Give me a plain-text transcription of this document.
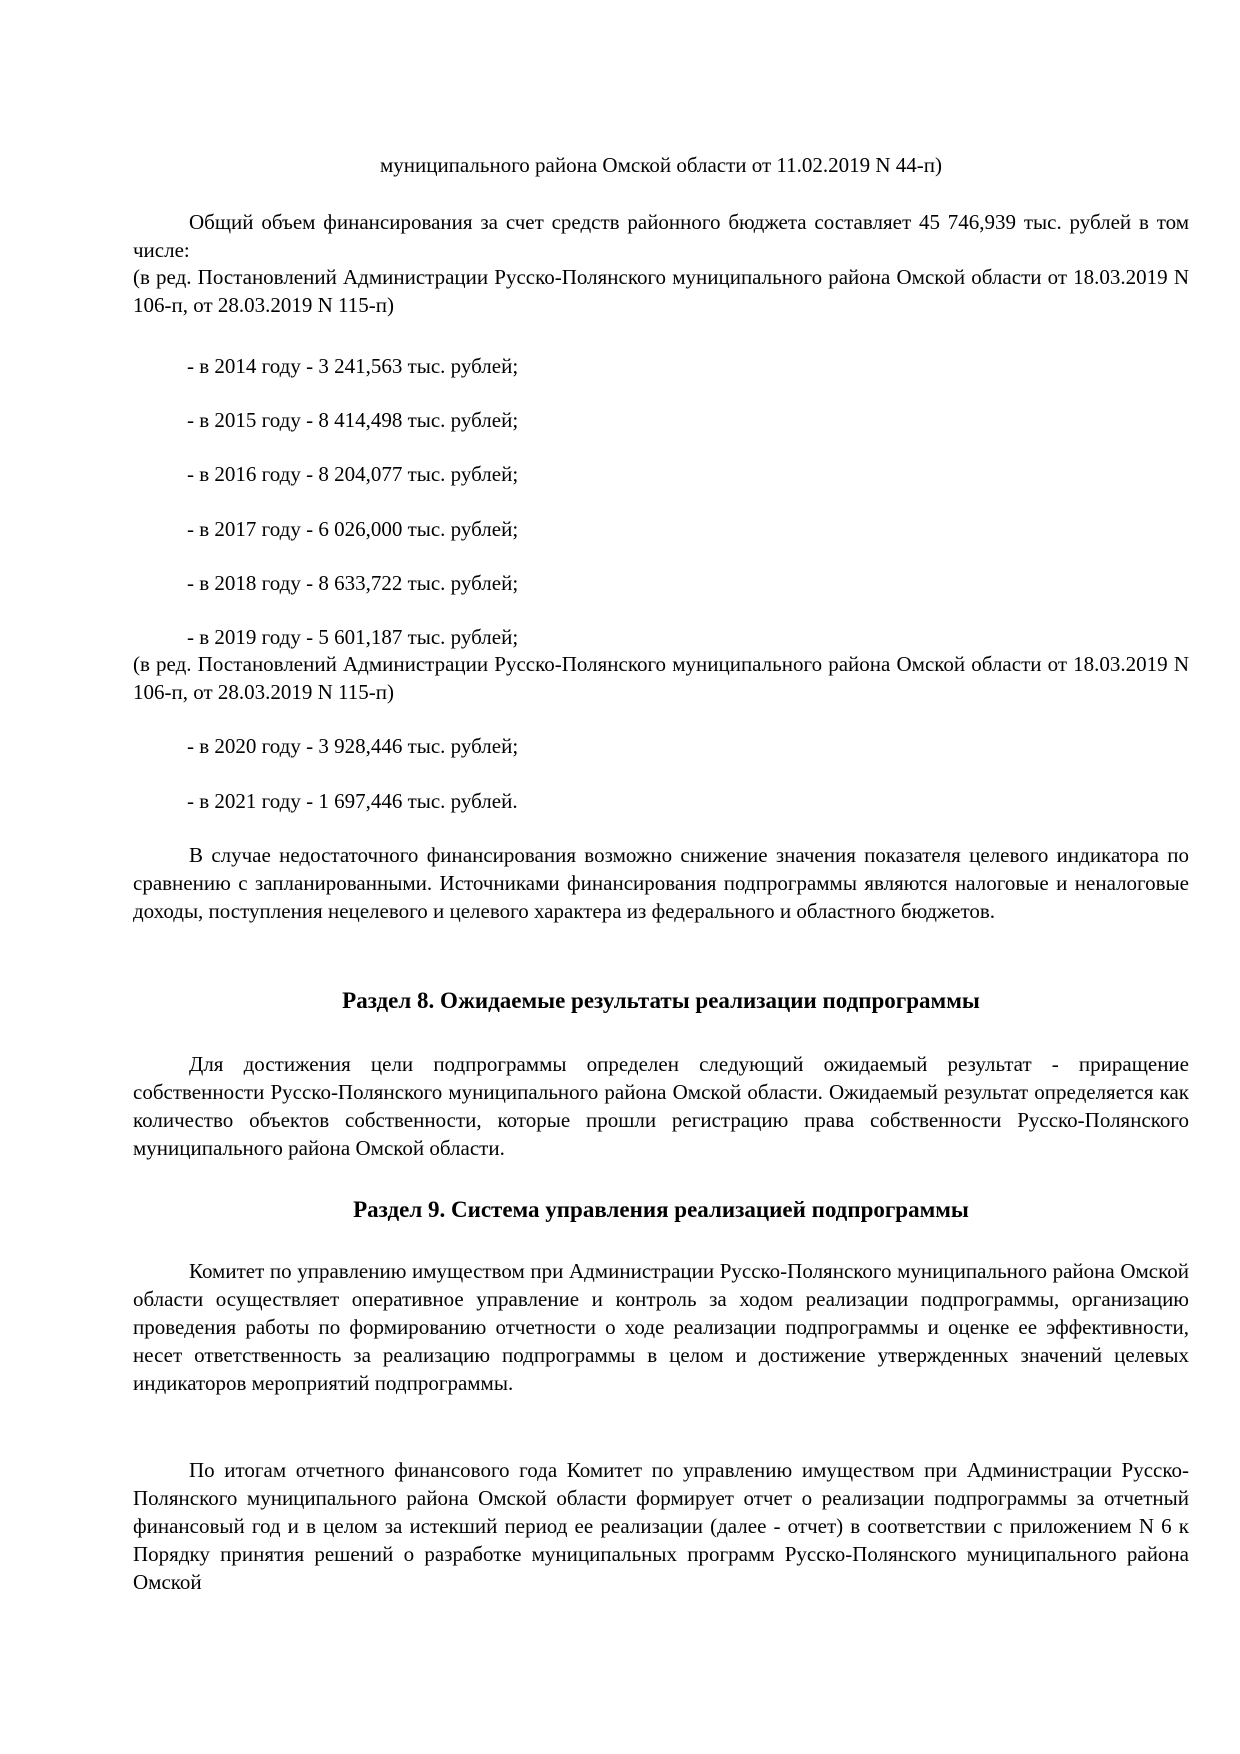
муниципального района Омской области от 11.02.2019 N 44-п)

Общий объем финансирования за счет средств районного бюджета составляет 45 746,939 тыс. рублей в том числе:

(в ред. Постановлений Администрации Русско-Полянского муниципального района Омской области от 18.03.2019 N 106-п, от 28.03.2019 N 115-п)

- в 2014 году - 3 241,563 тыс. рублей;

- в 2015 году - 8 414,498 тыс. рублей;

- в 2016 году - 8 204,077 тыс. рублей;

- в 2017 году - 6 026,000 тыс. рублей;

- в 2018 году - 8 633,722 тыс. рублей;

- в 2019 году - 5 601,187 тыс. рублей;

(в ред. Постановлений Администрации Русско-Полянского муниципального района Омской области от 18.03.2019 N 106-п, от 28.03.2019 N 115-п)

- в 2020 году - 3 928,446 тыс. рублей;

- в 2021 году - 1 697,446 тыс. рублей.

В случае недостаточного финансирования возможно снижение значения показателя целевого индикатора по сравнению с запланированными. Источниками финансирования подпрограммы являются налоговые и неналоговые доходы, поступления нецелевого и целевого характера из федерального и областного бюджетов.

Раздел 8. Ожидаемые результаты реализации подпрограммы

Для достижения цели подпрограммы определен следующий ожидаемый результат - приращение собственности Русско-Полянского муниципального района Омской области. Ожидаемый результат определяется как количество объектов собственности, которые прошли регистрацию права собственности Русско-Полянского муниципального района Омской области.

Раздел 9. Система управления реализацией подпрограммы

Комитет по управлению имуществом при Администрации Русско-Полянского муниципального района Омской области осуществляет оперативное управление и контроль за ходом реализации подпрограммы, организацию проведения работы по формированию отчетности о ходе реализации подпрограммы и оценке ее эффективности, несет ответственность за реализацию подпрограммы в целом и достижение утвержденных значений целевых индикаторов мероприятий подпрограммы.

По итогам отчетного финансового года Комитет по управлению имуществом при Администрации Русско-Полянского муниципального района Омской области формирует отчет о реализации подпрограммы за отчетный финансовый год и в целом за истекший период ее реализации (далее - отчет) в соответствии с приложением N 6 к Порядку принятия решений о разработке муниципальных программ Русско-Полянского муниципального района Омской
